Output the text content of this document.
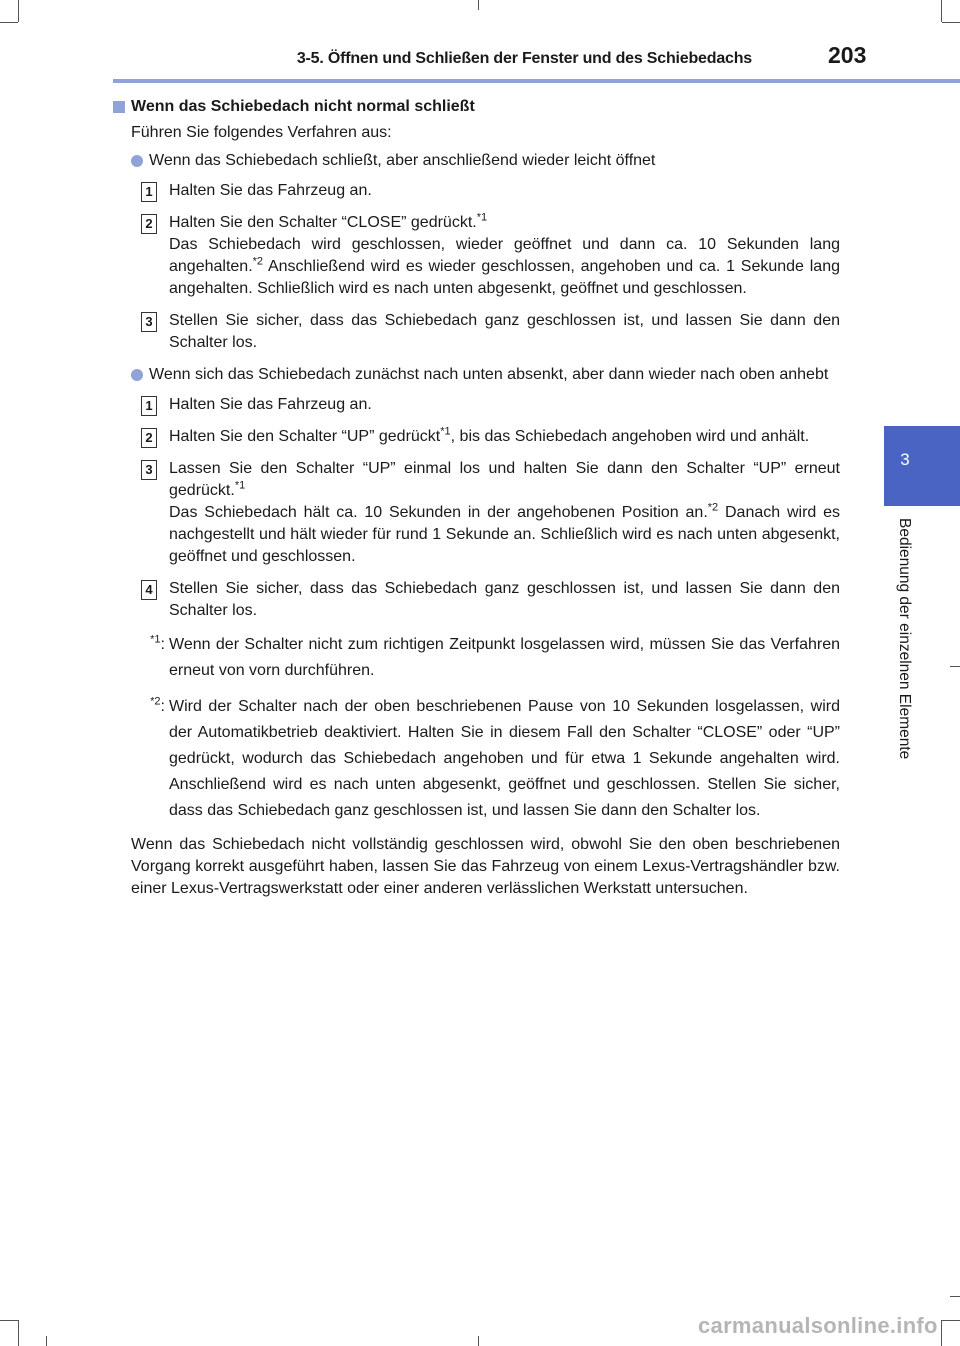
3-5. Öffnen und Schließen der Fenster und des Schiebedachs	203
3
Bedienung der einzelnen Elemente
Wenn das Schiebedach nicht normal schließt

Führen Sie folgendes Verfahren aus:

Wenn das Schiebedach schließt, aber anschließend wieder leicht öffnet

1 Halten Sie das Fahrzeug an.

2 Halten Sie den Schalter “CLOSE” gedrückt.$^{*1}$
Das Schiebedach wird geschlossen, wieder geöffnet und dann ca. 10 Sekunden lang angehalten.$^{*2}$ Anschließend wird es wieder geschlossen, angehoben und ca. 1 Sekunde lang angehalten. Schließlich wird es nach unten abgesenkt, geöffnet und geschlossen.

3 Stellen Sie sicher, dass das Schiebedach ganz geschlossen ist, und lassen Sie dann den Schalter los.

Wenn sich das Schiebedach zunächst nach unten absenkt, aber dann wieder nach oben anhebt

1 Halten Sie das Fahrzeug an.

2 Halten Sie den Schalter “UP” gedrückt$^{*1}$, bis das Schiebedach angehoben wird und anhält.

3 Lassen Sie den Schalter “UP” einmal los und halten Sie dann den Schalter “UP” erneut gedrückt.$^{*1}$
Das Schiebedach hält ca. 10 Sekunden in der angehobenen Position an.$^{*2}$ Danach wird es nachgestellt und hält wieder für rund 1 Sekunde an. Schließlich wird es nach unten abgesenkt, geöffnet und geschlossen.

4 Stellen Sie sicher, dass das Schiebedach ganz geschlossen ist, und lassen Sie dann den Schalter los.

$^{*1}$: Wenn der Schalter nicht zum richtigen Zeitpunkt losgelassen wird, müssen Sie das Verfahren erneut von vorn durchführen.

$^{*2}$: Wird der Schalter nach der oben beschriebenen Pause von 10 Sekunden losgelassen, wird der Automatikbetrieb deaktiviert. Halten Sie in diesem Fall den Schalter “CLOSE” oder “UP” gedrückt, wodurch das Schiebedach angehoben und für etwa 1 Sekunde angehalten wird. Anschließend wird es nach unten abgesenkt, geöffnet und geschlossen. Stellen Sie sicher, dass das Schiebedach ganz geschlossen ist, und lassen Sie dann den Schalter los.

Wenn das Schiebedach nicht vollständig geschlossen wird, obwohl Sie den oben beschriebenen Vorgang korrekt ausgeführt haben, lassen Sie das Fahrzeug von einem Lexus-Vertragshändler bzw. einer Lexus-Vertragswerkstatt oder einer anderen verlässlichen Werkstatt untersuchen.

carmanualsonline.info
